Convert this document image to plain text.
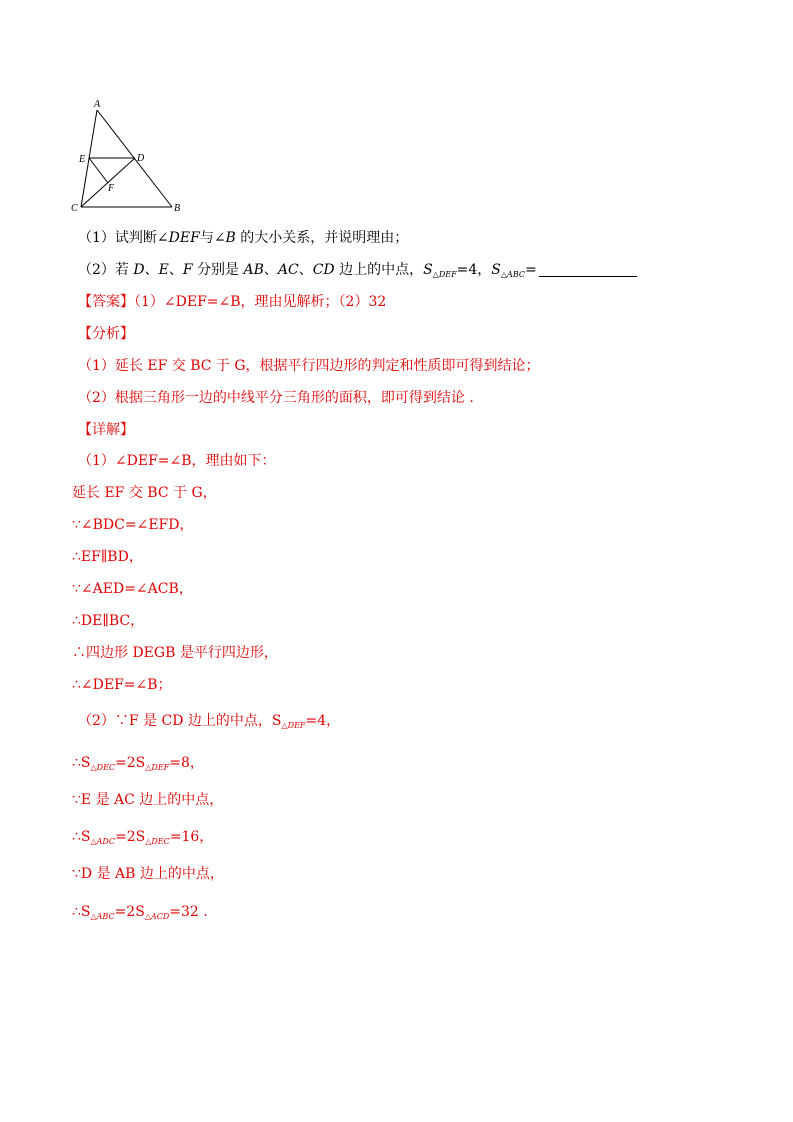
A
B
C
D
E
F
（1）试判断∠DEF与∠B 的大小关系，并说明理由；
（2）若 D、E、F 分别是 AB、AC、CD 边上的中点，$S_{\triangle DEF}=4$，$S_{\triangle ABC}=$
【答案】（1）∠DEF=∠B，理由见解析；（2）32
【分析】
（1）延长 EF 交 BC 于 G，根据平行四边形的判定和性质即可得到结论；
（2）根据三角形一边的中线平分三角形的面积，即可得到结论 .
【详解】
（1）∠DEF=∠B，理由如下：
延长 EF 交 BC 于 G，
∵∠BDC=∠EFD，
∴EF∥BD，
∵∠AED=∠ACB，
∴DE∥BC，
∴四边形 DEGB 是平行四边形，
∴∠DEF=∠B；
（2）∵F 是 CD 边上的中点，$S_{\triangle DEF}=4$，
$\therefore S_{\triangle DEC}=2S_{\triangle DEF}=8$，
∵E 是 AC 边上的中点，
$\therefore S_{\triangle ADC}=2S_{\triangle DEC}=16$，
∵D 是 AB 边上的中点，
$\therefore S_{\triangle ABC}=2S_{\triangle ACD}=32$ .
